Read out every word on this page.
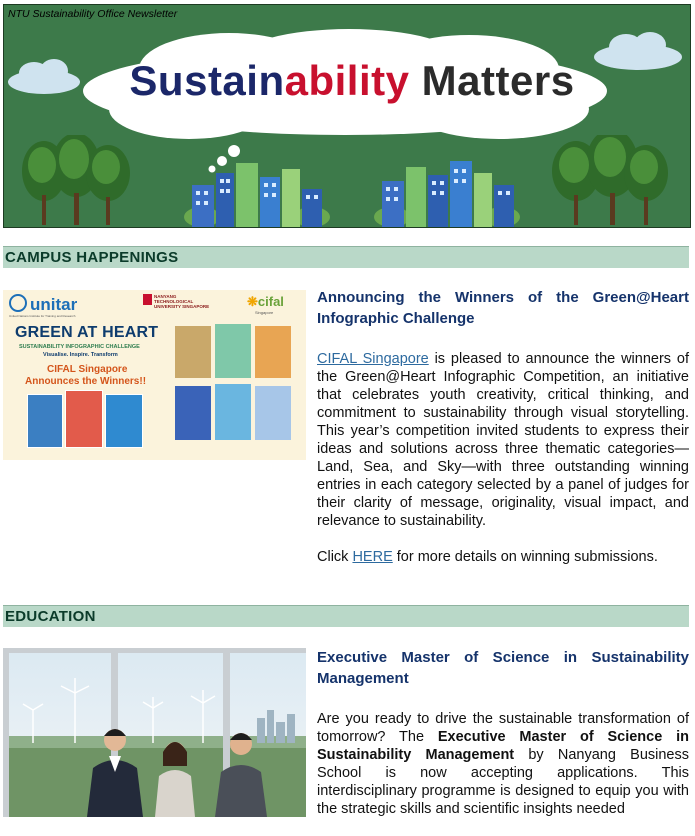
NTU Sustainability Office Newsletter
Sustainability Matters
CAMPUS HAPPENINGS
unitar
United Nations Institute for Training and Research
NANYANG TECHNOLOGICAL UNIVERSITY SINGAPORE	❋cifal
Singapore
GREEN AT HEART
SUSTAINABILITY INFOGRAPHIC CHALLENGE
Visualise. Inspire. Transform
CIFAL Singapore
Announces the Winners!!
Announcing the Winners of the Green@Heart Infographic Challenge

CIFAL Singapore is pleased to announce the winners of the Green@Heart Infographic Competition, an initiative that celebrates youth creativity, critical thinking, and commitment to sustainability through visual storytelling. This year’s competition invited students to express their ideas and solutions across three thematic categories—Land, Sea, and Sky—with three outstanding winning entries in each category selected by a panel of judges for their clarity of message, originality, visual impact, and relevance to sustainability.

Click HERE for more details on winning submissions.

EDUCATION
Executive Master of Science in Sustainability Management

Are you ready to drive the sustainable transformation of tomorrow? The Executive Master of Science in Sustainability Management by Nanyang Business School is now accepting applications. This interdisciplinary programme is designed to equip you with the strategic skills and scientific insights needed
